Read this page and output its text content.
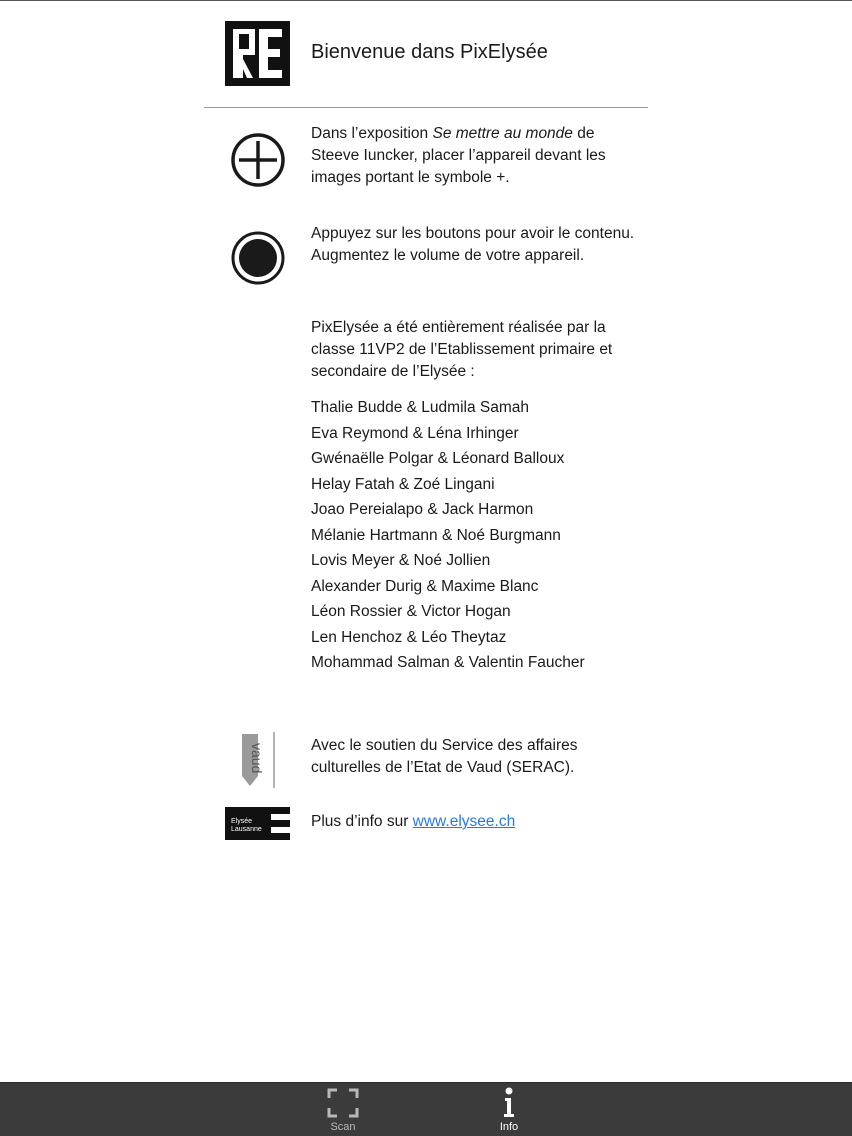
Bienvenue dans PixElysée
Dans l’exposition Se mettre au monde de Steeve Iuncker, placer l’appareil devant les images portant le symbole +.
Appuyez sur les boutons pour avoir le contenu. Augmentez le volume de votre appareil.
PixElysée a été entièrement réalisée par la classe 11VP2 de l’Etablissement primaire et secondaire de l’Elysée :
Thalie Budde & Ludmila Samah
Eva Reymond & Léna Irhinger
Gwénaëlle Polgar & Léonard Balloux
Helay Fatah & Zoé Lingani
Joao Pereialapo & Jack Harmon
Mélanie Hartmann & Noé Burgmann
Lovis Meyer & Noé Jollien
Alexander Durig & Maxime Blanc
Léon Rossier & Victor Hogan
Len Henchoz & Léo Theytaz
Mohammad Salman & Valentin Faucher
vaud	Avec le soutien du Service des affaires culturelles de l’Etat de Vaud (SERAC).
Elysée
Lausanne	Plus d’info sur www.elysee.ch
Scan	Info
